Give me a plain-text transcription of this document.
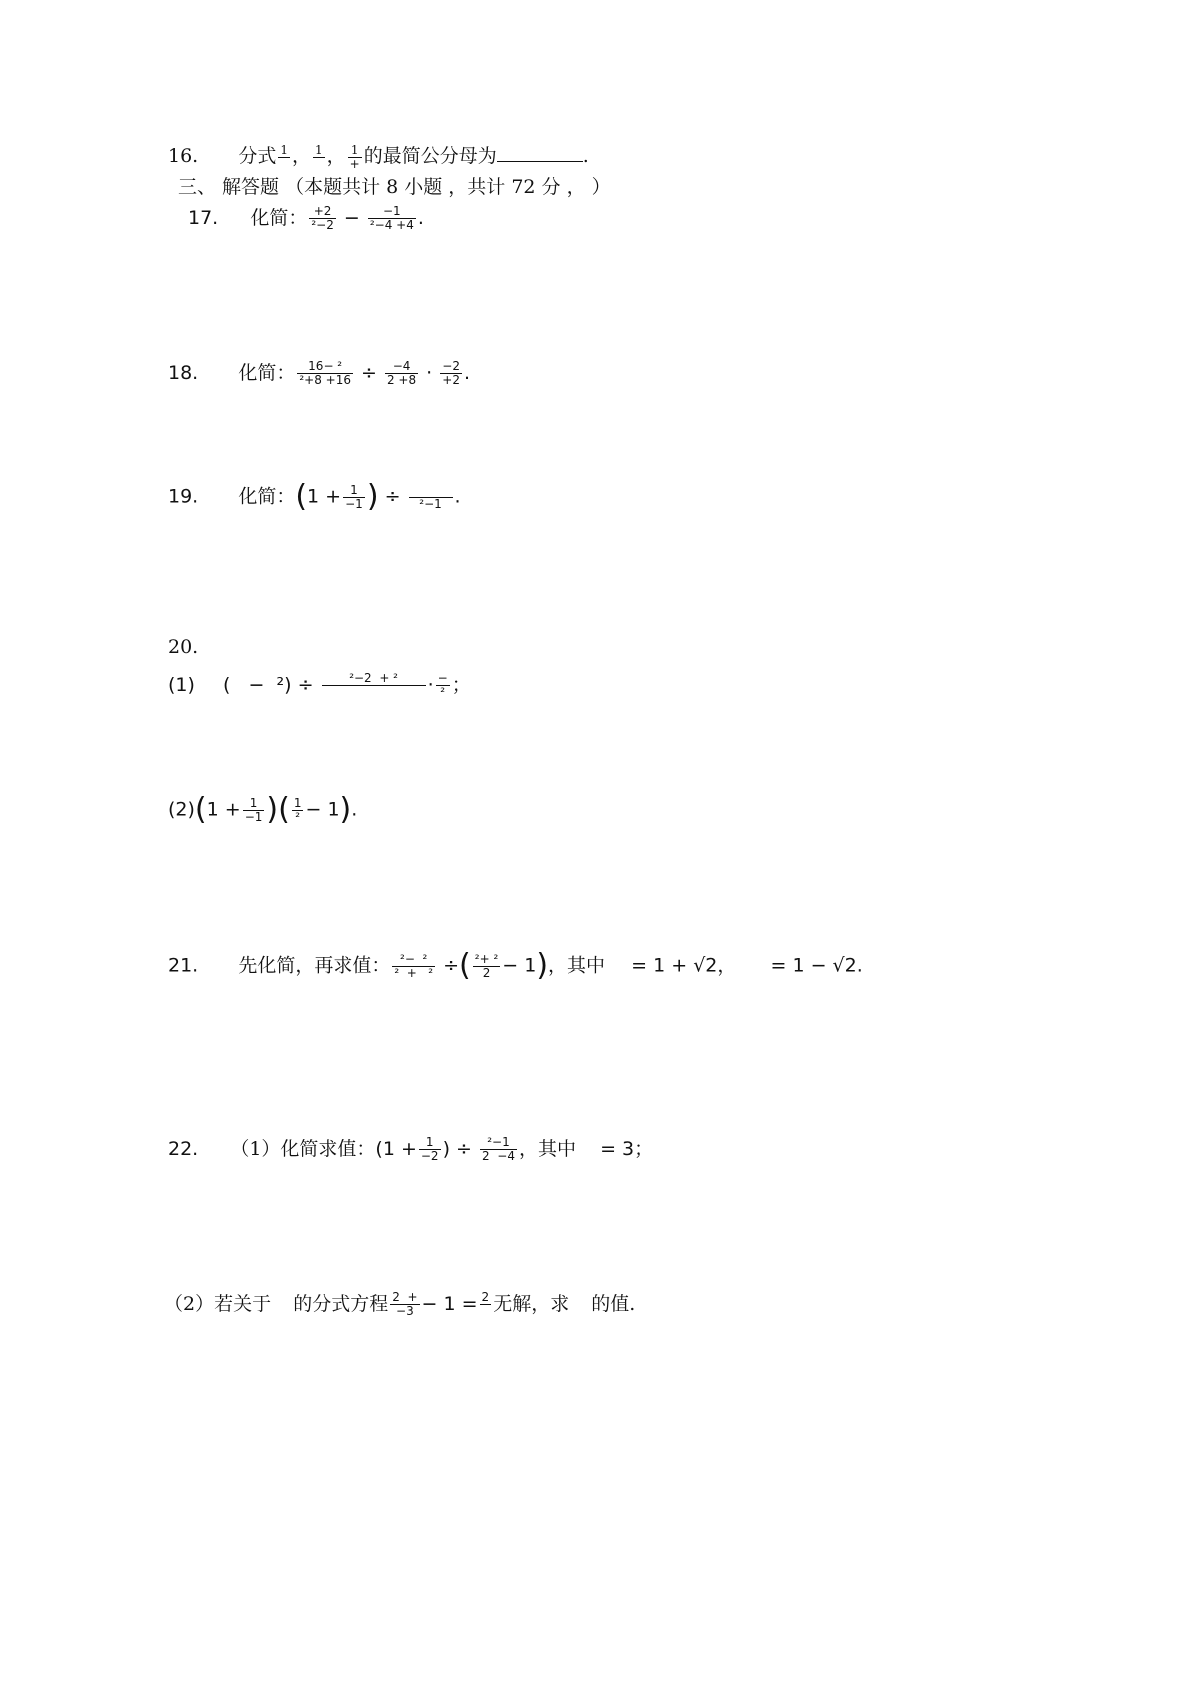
16. 分式 1
， 1
， $\frac{1}{+}$ 的最简公分母为	.
三、 解答题 （本题共计 8 小题 ，共计 72 分 ， ）
17. 化简： $\frac{+2}{\text{²−2}} - \frac{-1}{\text{²−4 +4}}$ .
18. 化简： $\frac{\text{16− ²}}{\text{²+8 +16}} \div \frac{-4}{2 +8} \cdot \frac{-2}{+2}$ .
19. 化简：($1 + \frac{1}{-1}$ ) ÷	²−1 .
20.
(1) (   −  ²) ÷	²−2  + ²	· $\frac{-}{\text{²}}$ ；
$(2)(1 + \frac{1}{-1}$ )( $\frac{1}{\text{²}} - 1$).
21. 先化简，再求值： $\frac{\text{²−  ²}}{\text{²  +   ²}}$ ÷( $\frac{\text{²+ ²}}{2} - 1$)，其中 = 1 + √2， = 1 − √2.
22. （1）化简求值：($1 + \frac{1}{-2}$ ) ÷ $\frac{\text{²−1}}{2 -4}$ ，其中 = 3；
（2）若关于 的分式方程 $\frac{2 +}{-3} - 1 = 2$ 无解，求 的值.
